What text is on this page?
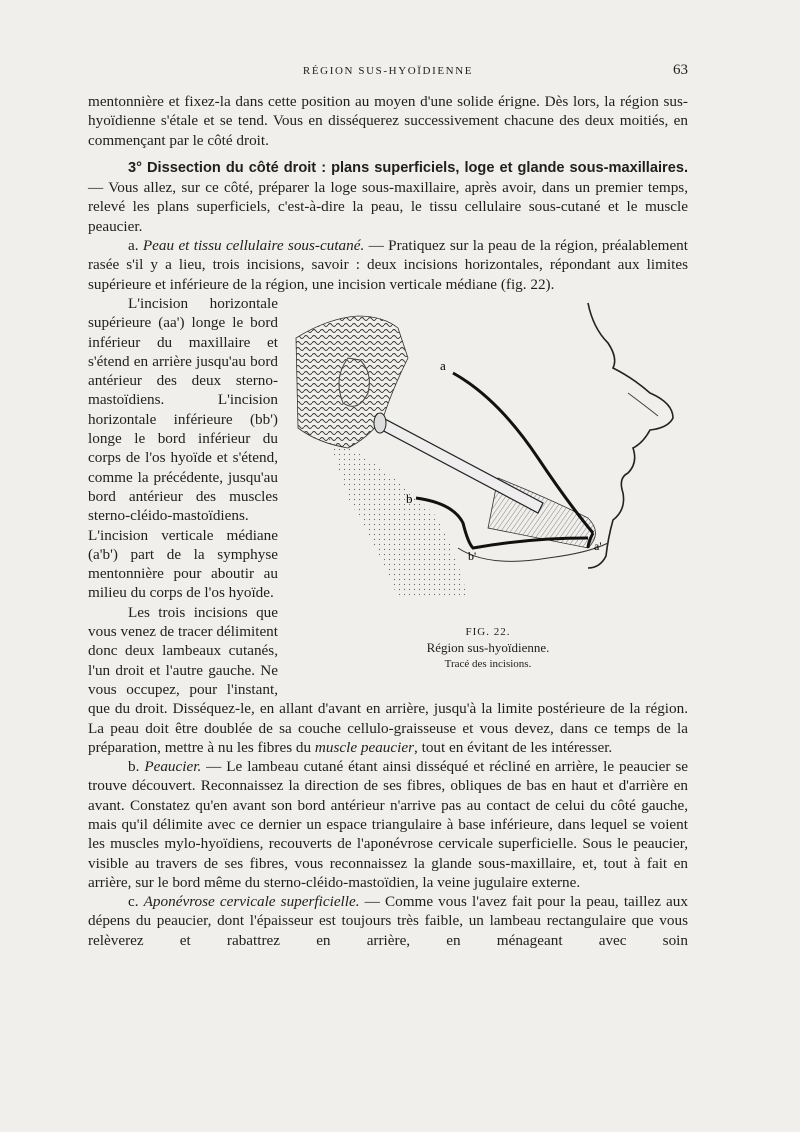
RÉGION SUS-HYOÏDIENNE	63

mentonnière et fixez-la dans cette position au moyen d'une solide érigne. Dès lors, la région sus-hyoïdienne s'étale et se tend. Vous en disséquerez successivement chacune des deux moitiés, en commençant par le côté droit.

3° Dissection du côté droit : plans superficiels, loge et glande sous-maxillaires. — Vous allez, sur ce côté, préparer la loge sous-maxillaire, après avoir, dans un premier temps, relevé les plans superficiels, c'est-à-dire la peau, le tissu cellulaire sous-cutané et le muscle peaucier.

a. Peau et tissu cellulaire sous-cutané. — Pratiquez sur la peau de la région, préalablement rasée s'il y a lieu, trois incisions, savoir : deux incisions horizontales, répondant aux limites supérieure et inférieure de la région, une incision verticale médiane (fig. 22).

a
b
a'
b'
FIG. 22.
Région sus-hyoïdienne.
Tracé des incisions.

L'incision horizontale supérieure (aa') longe le bord inférieur du maxillaire et s'étend en arrière jusqu'au bord antérieur des deux sterno-mastoïdiens. L'incision horizontale inférieure (bb') longe le bord inférieur du corps de l'os hyoïde et s'étend, comme la précédente, jusqu'au bord antérieur des muscles sterno-cléido-mastoïdiens. L'incision verticale médiane (a'b') part de la symphyse mentonnière pour aboutir au milieu du corps de l'os hyoïde.

Les trois incisions que vous venez de tracer délimitent donc deux lambeaux cutanés, l'un droit et l'autre gauche. Ne vous occupez, pour l'instant, que du droit. Disséquez-le, en allant d'avant en arrière, jusqu'à la limite postérieure de la région. La peau doit être doublée de sa couche cellulo-graisseuse et vous devez, dans ce temps de la préparation, mettre à nu les fibres du muscle peaucier, tout en évitant de les intéresser.

b. Peaucier. — Le lambeau cutané étant ainsi disséqué et récliné en arrière, le peaucier se trouve découvert. Reconnaissez la direction de ses fibres, obliques de bas en haut et d'arrière en avant. Constatez qu'en avant son bord antérieur n'arrive pas au contact de celui du côté gauche, mais qu'il délimite avec ce dernier un espace triangulaire à base inférieure, dans lequel se voient les muscles mylo-hyoïdiens, recouverts de l'aponévrose cervicale superficielle. Sous le peaucier, visible au travers de ses fibres, vous reconnaissez la glande sous-maxillaire, et, tout à fait en arrière, sur le bord même du sterno-cléido-mastoïdien, la veine jugulaire externe.

c. Aponévrose cervicale superficielle. — Comme vous l'avez fait pour la peau, taillez aux dépens du peaucier, dont l'épaisseur est toujours très faible, un lambeau rectangulaire que vous relèverez et rabattrez en arrière, en ménageant avec soin
